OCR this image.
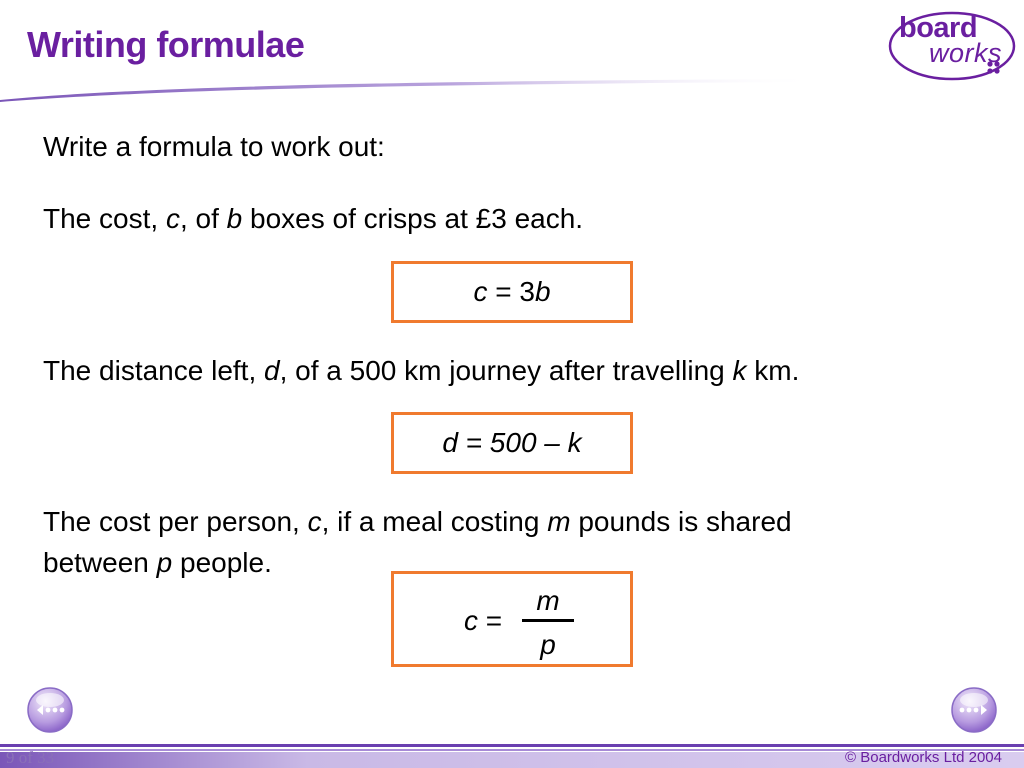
Writing formulae	board
works
Write a formula to work out:
The cost, c, of b boxes of crisps at £3 each.
c = 3b
The distance left, d, of a 500 km journey after travelling k km.
d = 500 – k
The cost per person, c, if a meal costing m pounds is shared
between p people.
c =
m
p
9 of 33	© Boardworks Ltd 2004
